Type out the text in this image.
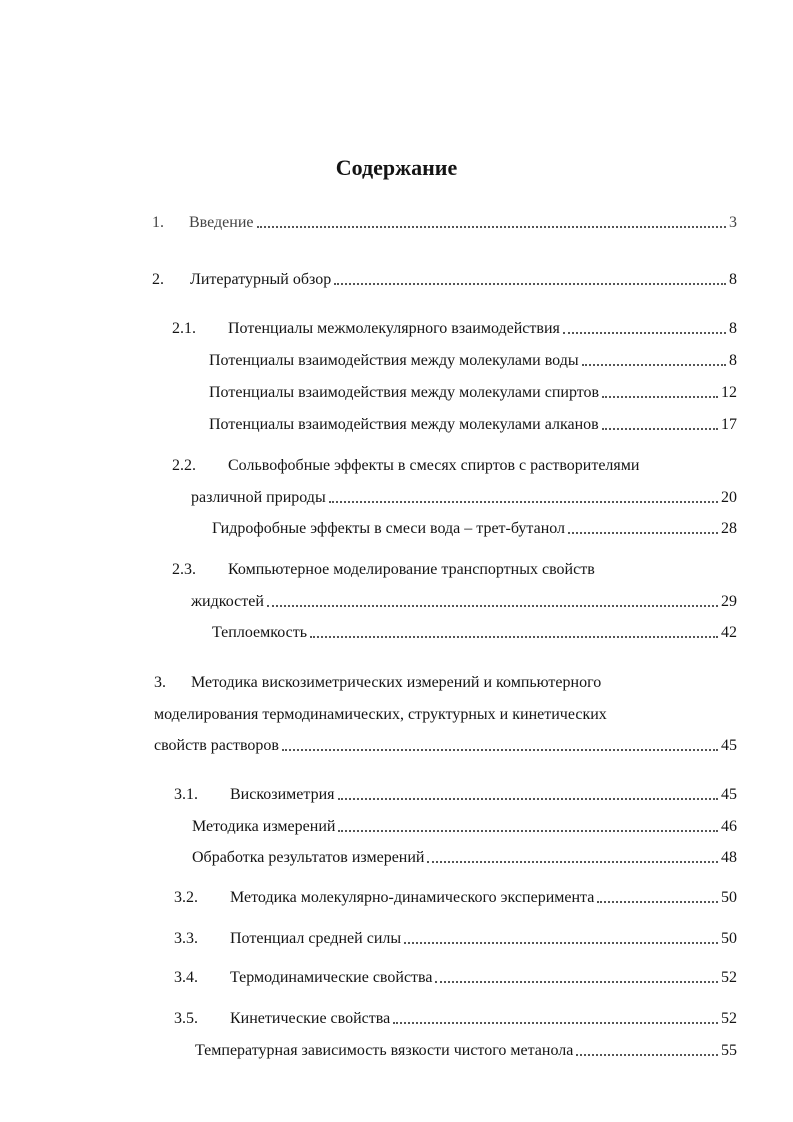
Содержание
1.	Введение	3
2.	Литературный обзор	8
2.1.	Потенциалы межмолекулярного взаимодействия	8
Потенциалы взаимодействия между молекулами воды	8
Потенциалы взаимодействия между молекулами спиртов	12
Потенциалы взаимодействия между молекулами алканов	17
2.2. Сольвофобные эффекты в смесях спиртов с растворителями
различной природы	20
Гидрофобные эффекты в смеси вода – трет-бутанол	28
2.3. Компьютерное моделирование транспортных свойств
жидкостей	29
Теплоемкость	42
3. Методика вискозиметрических измерений и компьютерного
моделирования термодинамических, структурных и кинетических
свойств растворов	45
3.1.	Вискозиметрия	45
Методика измерений	46
Обработка результатов измерений	48
3.2.	Методика молекулярно-динамического эксперимента	50
3.3.	Потенциал средней силы	50
3.4.	Термодинамические свойства	52
3.5.	Кинетические свойства	52
Температурная зависимость вязкости чистого метанола	55
